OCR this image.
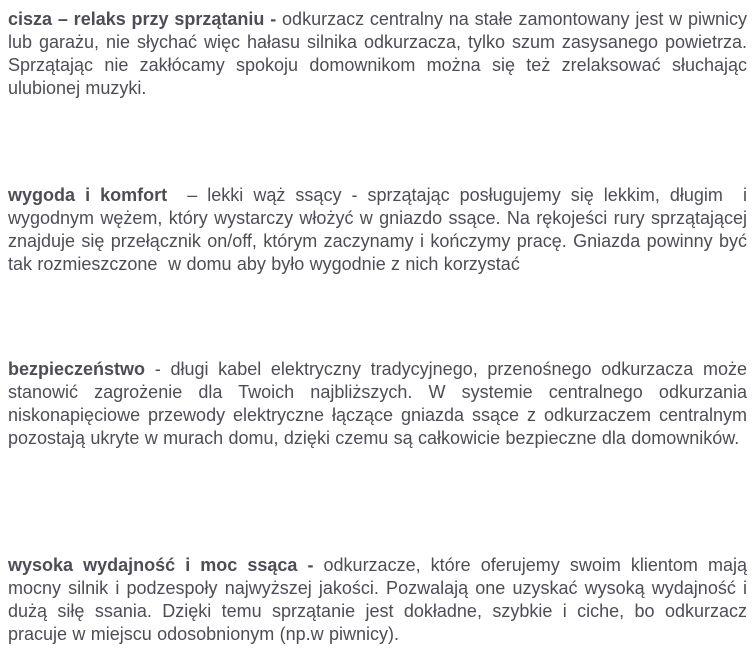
cisza – relaks przy sprzątaniu - odkurzacz centralny na stałe zamontowany jest w piwnicy lub garażu, nie słychać więc hałasu silnika odkurzacza, tylko szum zasysanego powietrza. Sprzątając nie zakłócamy spokoju domownikom można się też zrelaksować słuchając ulubionej muzyki.

wygoda i komfort  – lekki wąż ssący - sprzątając posługujemy się lekkim, długim  i wygodnym wężem, który wystarczy włożyć w gniazdo ssące. Na rękojeści rury sprzątającej znajduje się przełącznik on/off, którym zaczynamy i kończymy pracę. Gniazda powinny być tak rozmieszczone  w domu aby było wygodnie z nich korzystać

bezpieczeństwo - długi kabel elektryczny tradycyjnego, przenośnego odkurzacza może stanowić zagrożenie dla Twoich najbliższych. W systemie centralnego odkurzania niskonapięciowe przewody elektryczne łączące gniazda ssące z odkurzaczem centralnym pozostają ukryte w murach domu, dzięki czemu są całkowicie bezpieczne dla domowników.

wysoka wydajność i moc ssąca - odkurzacze, które oferujemy swoim klientom mają mocny silnik i podzespoły najwyższej jakości. Pozwalają one uzyskać wysoką wydajność i dużą siłę ssania. Dzięki temu sprzątanie jest dokładne, szybkie i ciche, bo odkurzacz pracuje w miejscu odosobnionym (np.w piwnicy).
